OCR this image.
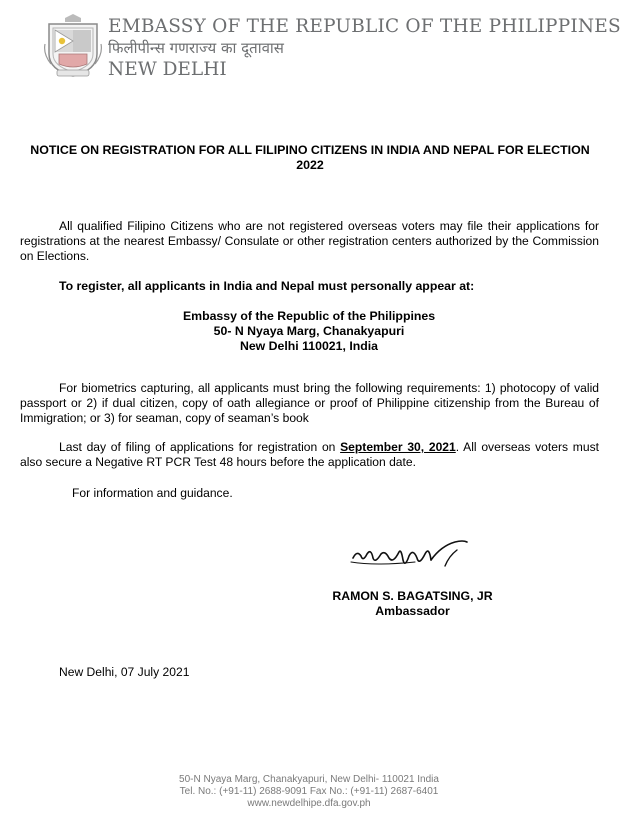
EMBASSY OF THE REPUBLIC OF THE PHILIPPINES
फिलीपीन्स गणराज्य का दूतावास
NEW DELHI
NOTICE ON REGISTRATION FOR ALL FILIPINO CITIZENS IN INDIA AND NEPAL FOR ELECTION 2022

All qualified Filipino Citizens who are not registered overseas voters may file their applications for registrations at the nearest Embassy/ Consulate or other registration centers authorized by the Commission on Elections.

To register, all applicants in India and Nepal must personally appear at:
Embassy of the Republic of the Philippines
50- N Nyaya Marg, Chanakyapuri
New Delhi 110021, India

For biometrics capturing, all applicants must bring the following requirements: 1) photocopy of valid passport or 2) if dual citizen, copy of oath allegiance or proof of Philippine citizenship from the Bureau of Immigration; or 3) for seaman, copy of seaman’s book

Last day of filing of applications for registration on September 30, 2021. All overseas voters must also secure a Negative RT PCR Test 48 hours before the application date.

For information and guidance.
RAMON S. BAGATSING, JR
Ambassador
New Delhi, 07 July 2021
50-N Nyaya Marg, Chanakyapuri, New Delhi- 110021 India
Tel. No.: (+91-11) 2688-9091 Fax No.: (+91-11) 2687-6401
www.newdelhipe.dfa.gov.ph
